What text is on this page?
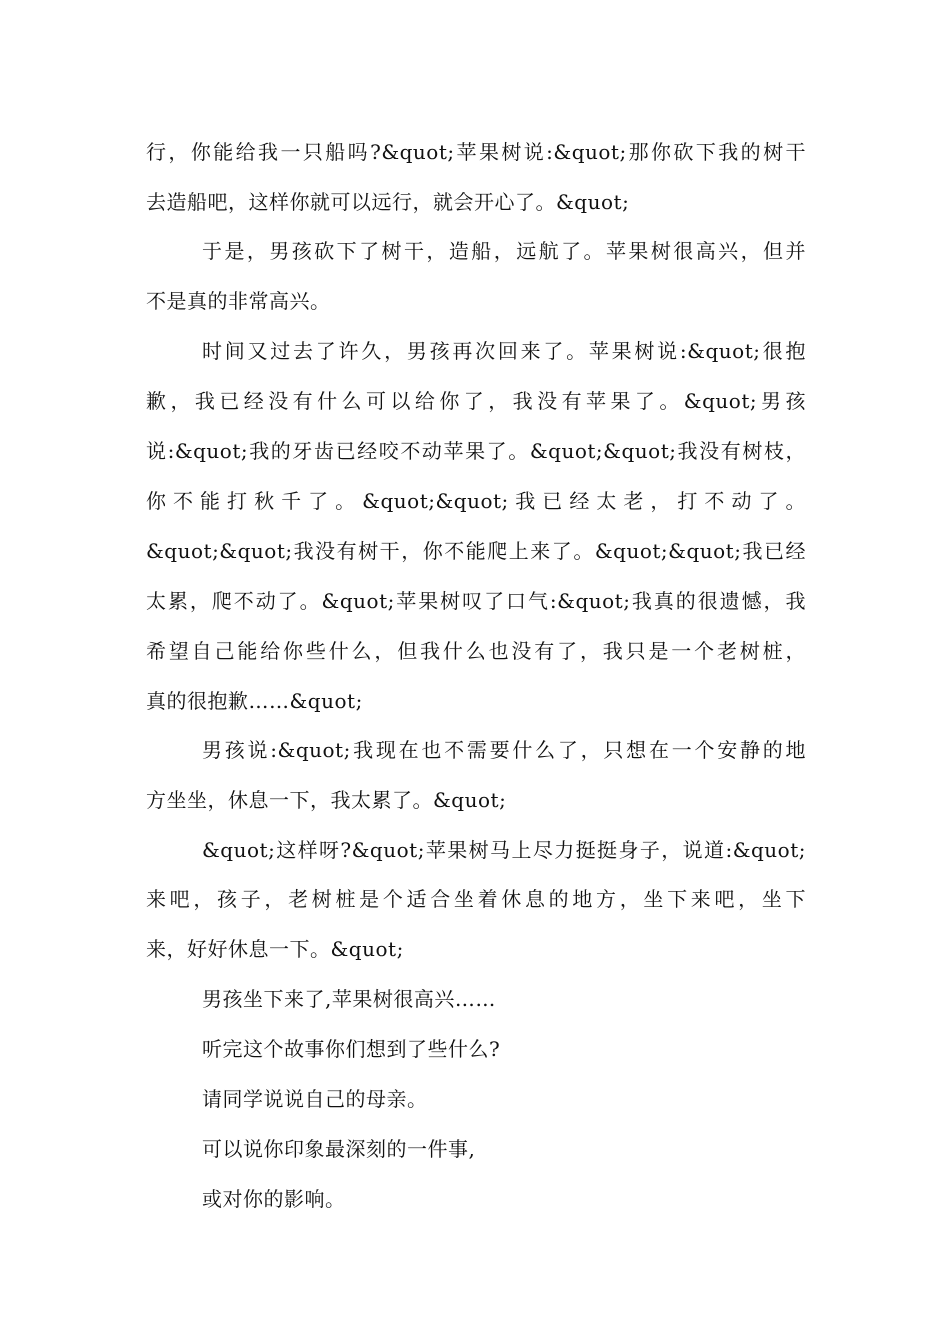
行，你能给我一只船吗?&quot;苹果树说:&quot;那你砍下我的树干
去造船吧，这样你就可以远行，就会开心了。&quot;
于是，男孩砍下了树干，造船，远航了。苹果树很高兴，但并
不是真的非常高兴。
时间又过去了许久，男孩再次回来了。苹果树说:&quot;很抱
歉，我已经没有什么可以给你了，我没有苹果了。&quot;男孩
说:&quot;我的牙齿已经咬不动苹果了。&quot;&quot;我没有树枝，
你不能打秋千了。&quot;&quot;我已经太老，打不动了。
&quot;&quot;我没有树干，你不能爬上来了。&quot;&quot;我已经
太累，爬不动了。&quot;苹果树叹了口气:&quot;我真的很遗憾，我
希望自己能给你些什么，但我什么也没有了，我只是一个老树桩，
真的很抱歉……&quot;
男孩说:&quot;我现在也不需要什么了，只想在一个安静的地
方坐坐，休息一下，我太累了。&quot;
&quot;这样呀?&quot;苹果树马上尽力挺挺身子，说道:&quot;
来吧，孩子，老树桩是个适合坐着休息的地方，坐下来吧，坐下
来，好好休息一下。&quot;
男孩坐下来了,苹果树很高兴……
听完这个故事你们想到了些什么?
请同学说说自己的母亲。
可以说你印象最深刻的一件事,
或对你的影响。
